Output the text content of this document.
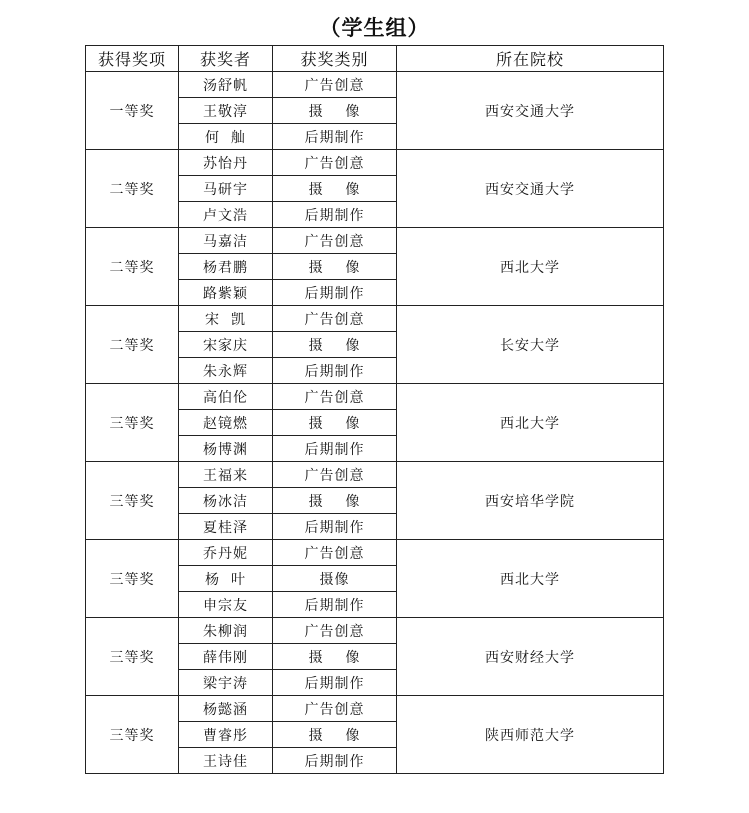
（学生组）
获得奖项	获奖者	获奖类别	所在院校
一等奖	汤舒帆	广告创意	西安交通大学
	王敬淳	摄    像	
	何  舢	后期制作	
二等奖	苏怡丹	广告创意	西安交通大学
	马研宇	摄    像	
	卢文浩	后期制作	
二等奖	马嘉洁	广告创意	西北大学
	杨君鹏	摄    像	
	路紫颖	后期制作	
二等奖	宋  凯	广告创意	长安大学
	宋家庆	摄    像	
	朱永辉	后期制作	
三等奖	高伯伦	广告创意	西北大学
	赵镜燃	摄    像	
	杨博渊	后期制作	
三等奖	王福来	广告创意	西安培华学院
	杨冰洁	摄    像	
	夏桂泽	后期制作	
三等奖	乔丹妮	广告创意	西北大学
	杨  叶	摄像	
	申宗友	后期制作	
三等奖	朱柳润	广告创意	西安财经大学
	薛伟刚	摄    像	
	梁宇涛	后期制作	
三等奖	杨懿涵	广告创意	陕西师范大学
	曹睿彤	摄    像	
	王诗佳	后期制作	
